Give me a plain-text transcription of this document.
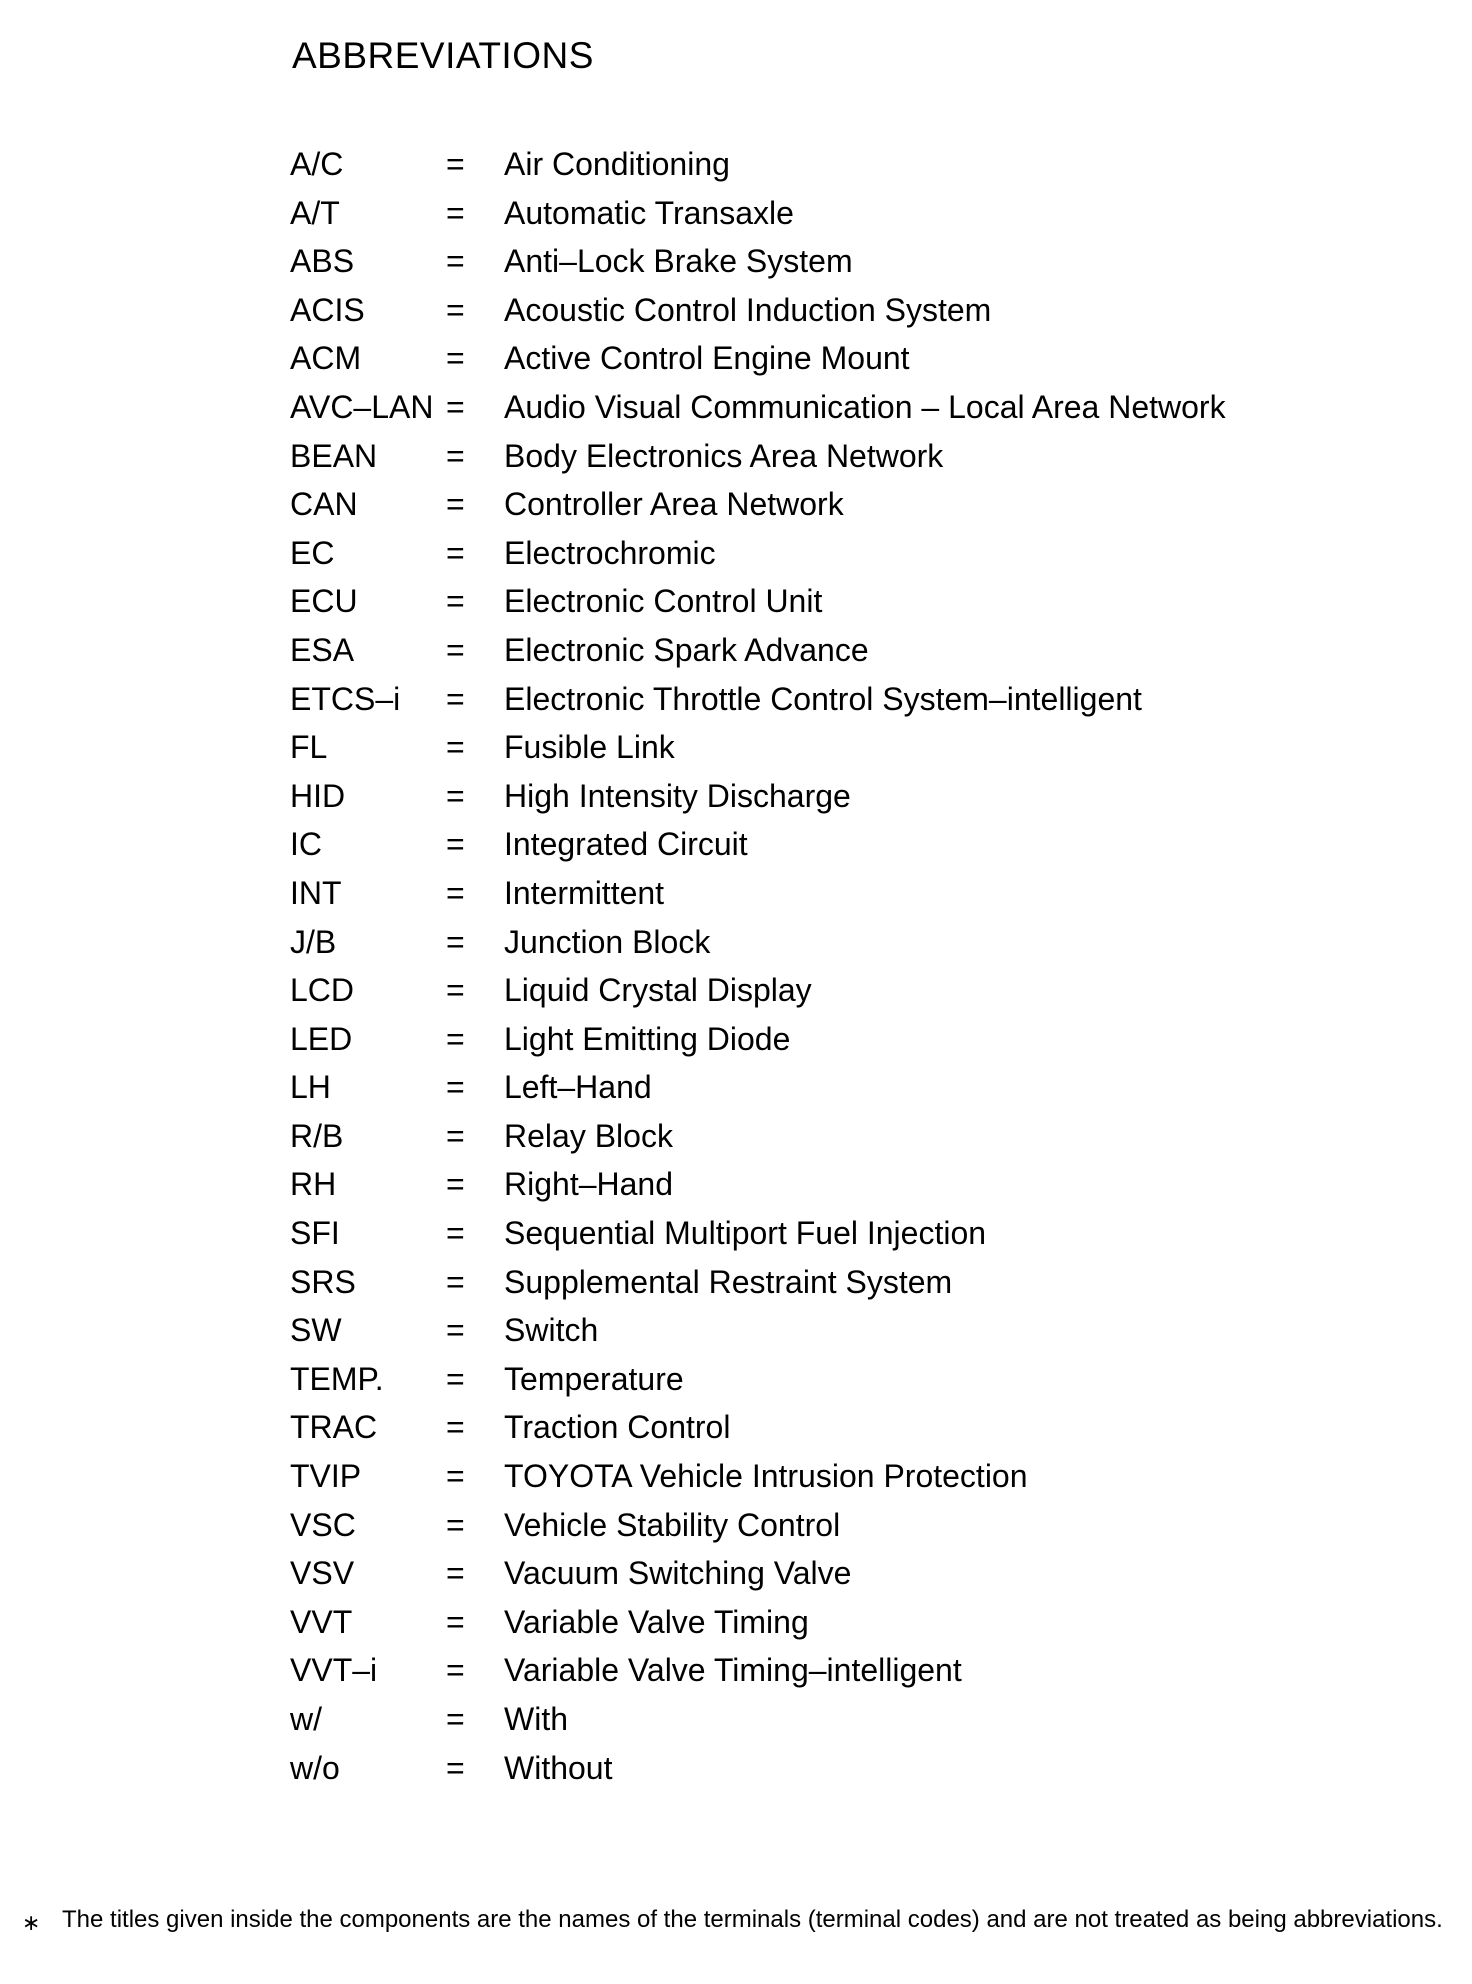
ABBREVIATIONS
A/C	= Air Conditioning
A/T	= Automatic Transaxle
ABS	= Anti–Lock Brake System
ACIS	= Acoustic Control Induction System
ACM	= Active Control Engine Mount
AVC–LAN = Audio Visual Communication – Local Area Network
BEAN = Body Electronics Area Network
CAN	= Controller Area Network
EC	= Electrochromic
ECU	= Electronic Control Unit
ESA	= Electronic Spark Advance
ETCS–i = Electronic Throttle Control System–intelligent
FL	= Fusible Link
HID	= High Intensity Discharge
IC	= Integrated Circuit
INT	= Intermittent
J/B	= Junction Block
LCD	= Liquid Crystal Display
LED	= Light Emitting Diode
LH	= Left–Hand
R/B	= Relay Block
RH	= Right–Hand
SFI	= Sequential Multiport Fuel Injection
SRS	= Supplemental Restraint System
SW	= Switch
TEMP. = Temperature
TRAC = Traction Control
TVIP	= TOYOTA Vehicle Intrusion Protection
VSC	= Vehicle Stability Control
VSV	= Vacuum Switching Valve
VVT	= Variable Valve Timing
VVT–i = Variable Valve Timing–intelligent
w/	= With
w/o	= Without
∗ The titles given inside the components are the names of the terminals (terminal codes) and are not treated as being abbreviations.
